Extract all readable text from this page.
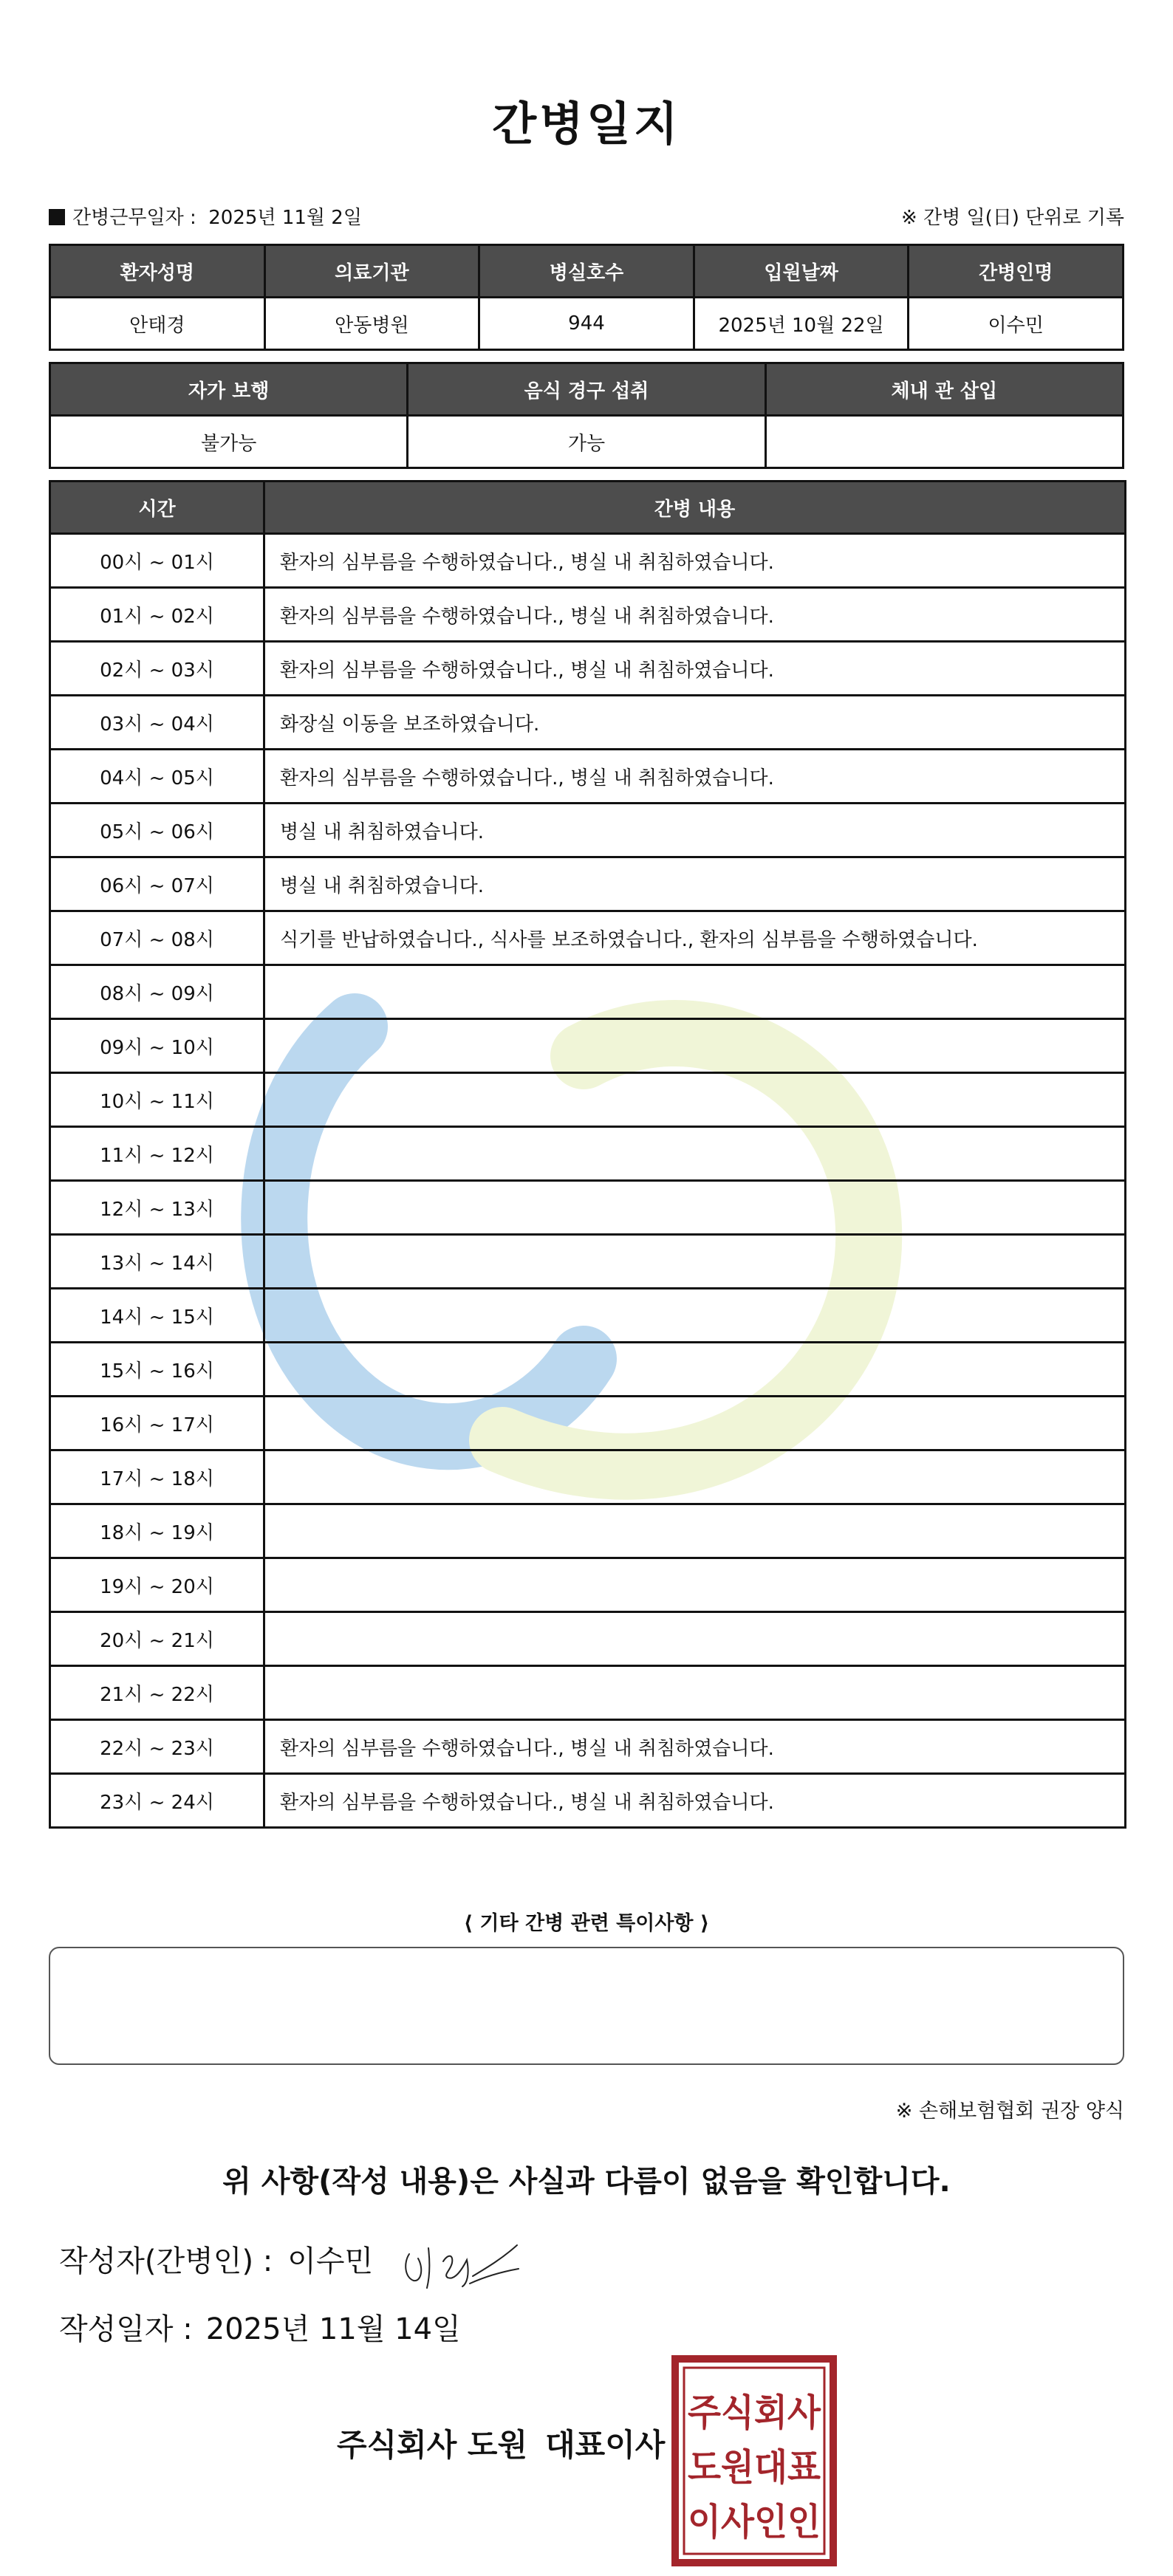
간병일지
간병근무일자 : 2025년 11월 2일	※ 간병 일(日) 단위로 기록
환자성명	의료기관	병실호수	입원날짜	간병인명
안태경	안동병원	944	2025년 10월 22일	이수민
자가 보행	음식 경구 섭취	체내 관 삽입
불가능	가능	
시간	간병 내용
00시 ~ 01시	환자의 심부름을 수행하였습니다., 병실 내 취침하였습니다.
01시 ~ 02시	환자의 심부름을 수행하였습니다., 병실 내 취침하였습니다.
02시 ~ 03시	환자의 심부름을 수행하였습니다., 병실 내 취침하였습니다.
03시 ~ 04시	화장실 이동을 보조하였습니다.
04시 ~ 05시	환자의 심부름을 수행하였습니다., 병실 내 취침하였습니다.
05시 ~ 06시	병실 내 취침하였습니다.
06시 ~ 07시	병실 내 취침하였습니다.
07시 ~ 08시	식기를 반납하였습니다., 식사를 보조하였습니다., 환자의 심부름을 수행하였습니다.
08시 ~ 09시	
09시 ~ 10시	
10시 ~ 11시	
11시 ~ 12시	
12시 ~ 13시	
13시 ~ 14시	
14시 ~ 15시	
15시 ~ 16시	
16시 ~ 17시	
17시 ~ 18시	
18시 ~ 19시	
19시 ~ 20시	
20시 ~ 21시	
21시 ~ 22시	
22시 ~ 23시	환자의 심부름을 수행하였습니다., 병실 내 취침하였습니다.
23시 ~ 24시	환자의 심부름을 수행하였습니다., 병실 내 취침하였습니다.
⟨ 기타 간병 관련 특이사항 ⟩
※ 손해보험협회 권장 양식
위 사항(작성 내용)은 사실과 다름이 없음을 확인합니다.
작성자(간병인) : 이수민
작성일자 : 2025년 11월 14일
주식회사 도원 대표이사
주식회사
도원대표
이사인인
